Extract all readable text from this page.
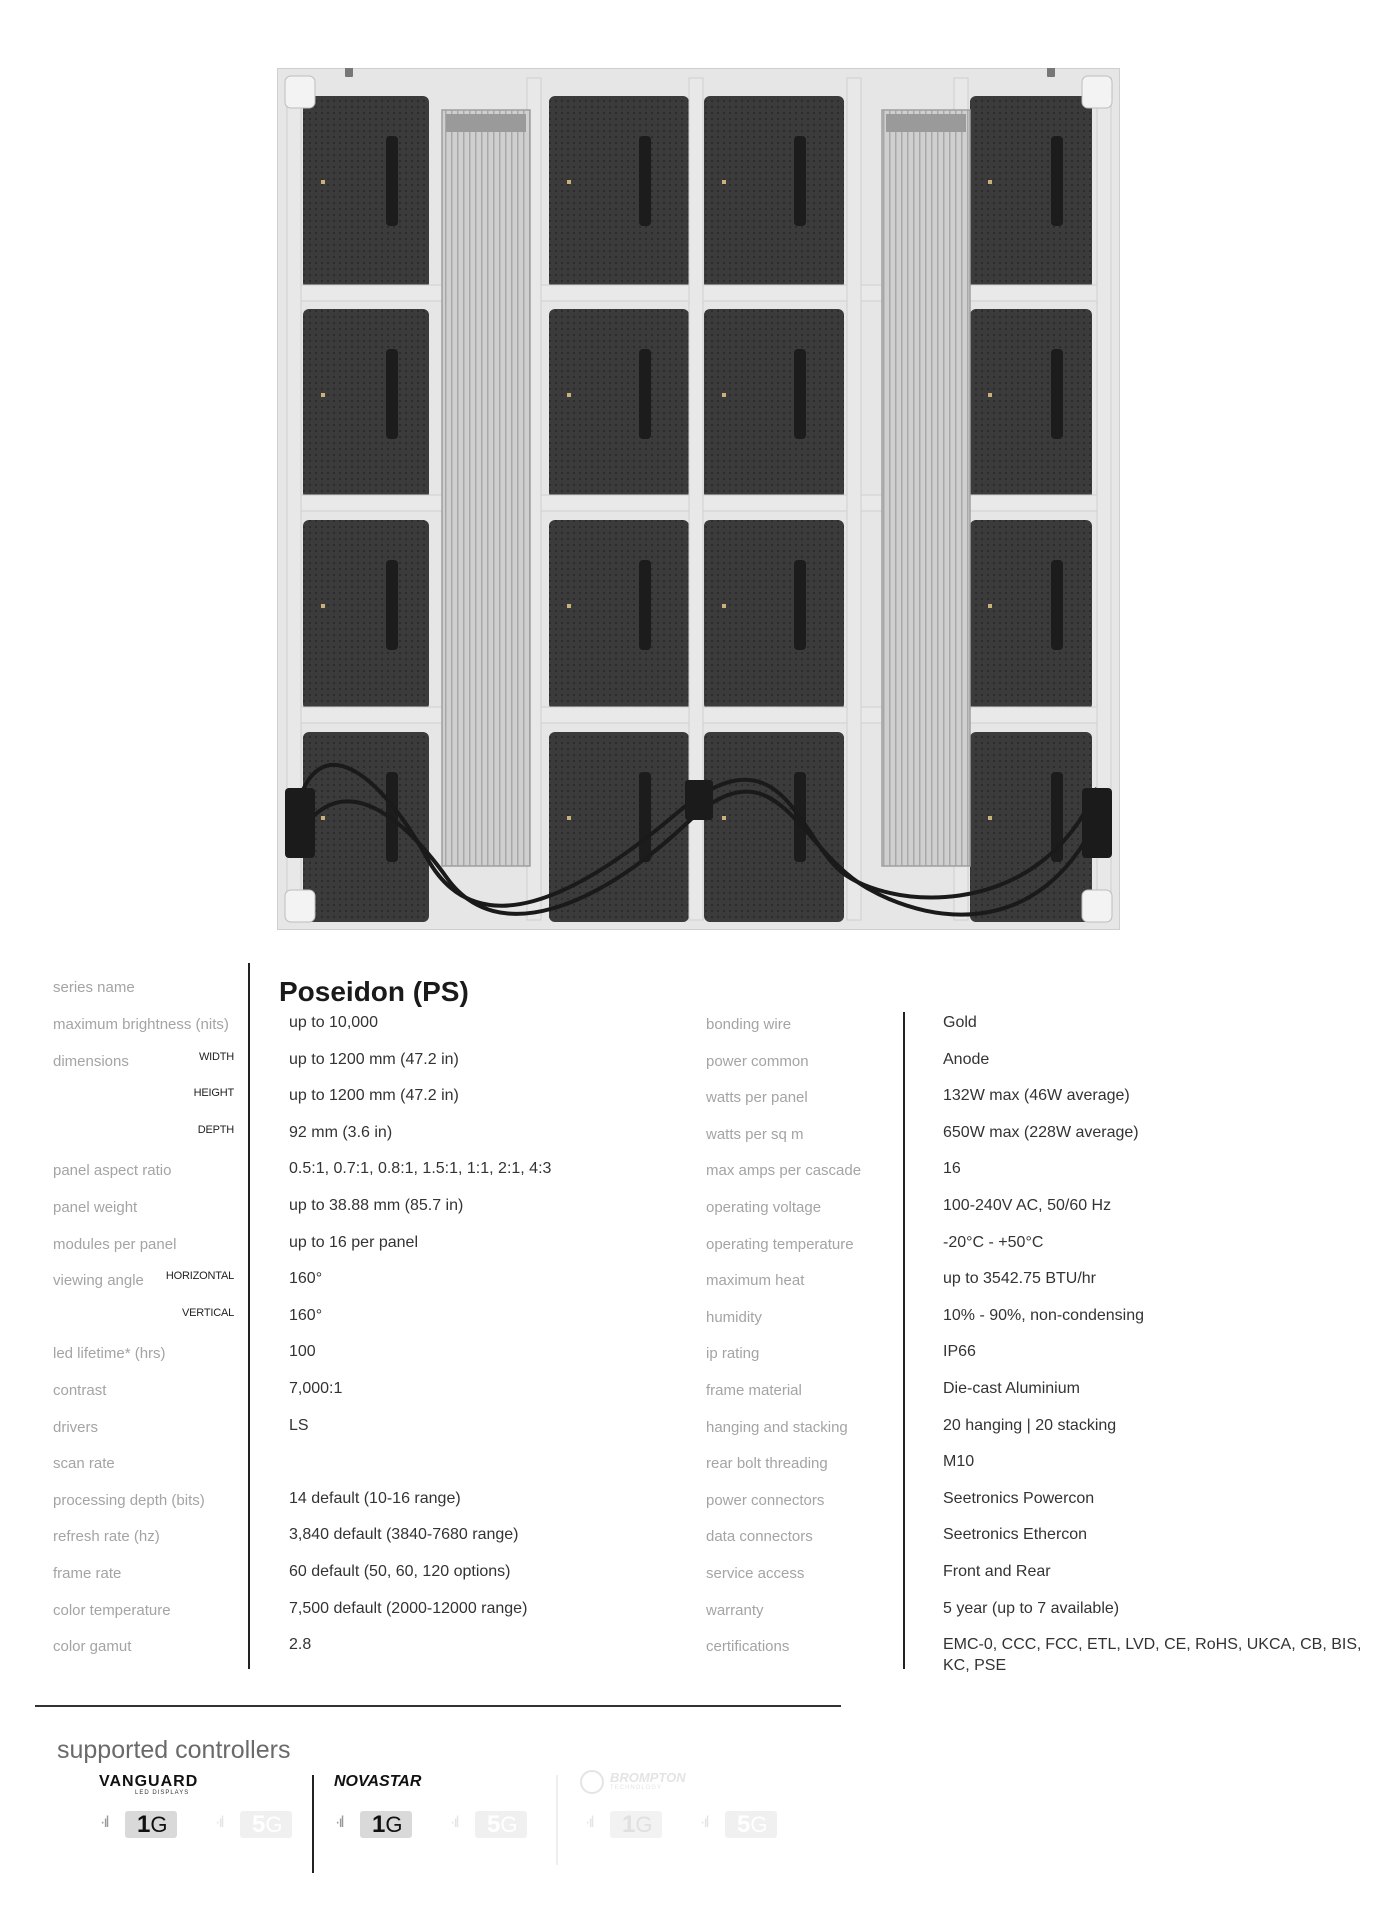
series name	Poseidon (PS)
maximum brightness (nits)	up to 10,000
dimensions	WIDTH	up to 1200 mm (47.2 in)
HEIGHT	up to 1200 mm (47.2 in)
DEPTH	92 mm (3.6 in)
panel aspect ratio	0.5:1, 0.7:1, 0.8:1, 1.5:1, 1:1, 2:1, 4:3
panel weight	up to 38.88 mm (85.7 in)
modules per panel	up to 16 per panel
viewing angle	HORIZONTAL	160°
VERTICAL	160°
led lifetime* (hrs)	100
contrast	7,000:1
drivers	LS
scan rate
processing depth (bits)	14 default (10-16 range)
refresh rate (hz)	3,840 default (3840-7680 range)
frame rate	60 default (50, 60, 120 options)
color temperature	7,500 default (2000-12000 range)
color gamut	2.8
bonding wire	Gold
power common	Anode
watts per panel	132W max (46W average)
watts per sq m	650W max (228W average)
max amps per cascade	16
operating voltage	100-240V AC, 50/60 Hz
operating temperature	-20°C - +50°C
maximum heat	up to 3542.75 BTU/hr
humidity	10% - 90%, non-condensing
ip rating	IP66
frame material	Die-cast Aluminium
hanging and stacking	20 hanging | 20 stacking
rear bolt threading	M10
power connectors	Seetronics Powercon
data connectors	Seetronics Ethercon
service access	Front and Rear
warranty	5 year (up to 7 available)
certifications	EMC-0, CCC, FCC, ETL, LVD, CE, RoHS, UKCA, CB, BIS,
KC, PSE
supported controllers
VANGUARD
LED DISPLAYS
·ıl	1G	·ıl	5G
NOVASTAR
·ıl	1G	·ıl	5G
BROMPTON
TECHNOLOGY
·ıl	1G	·ıl	5G
